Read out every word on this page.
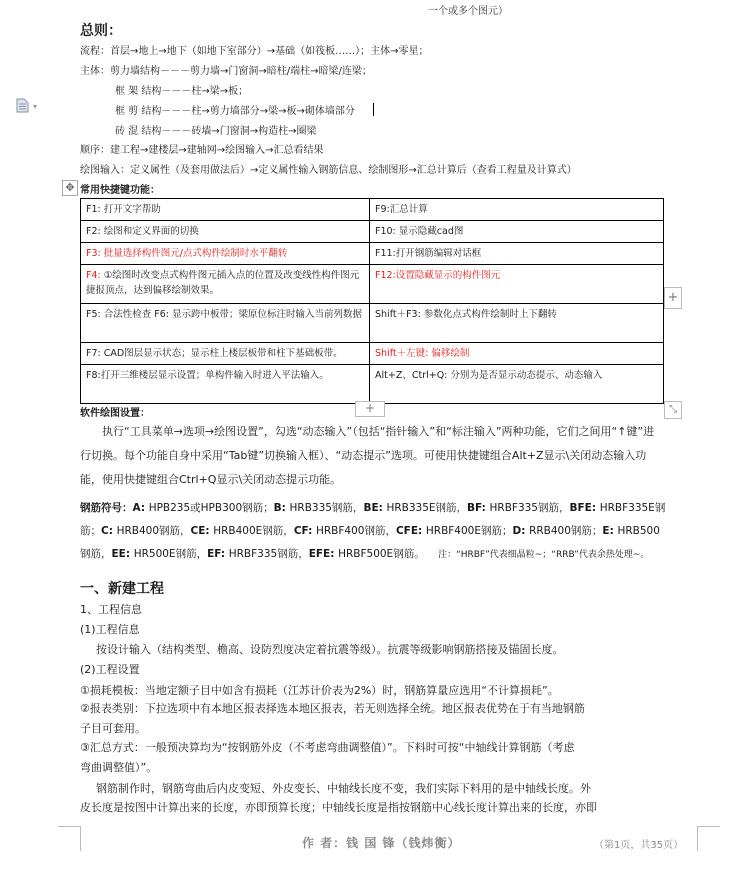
一个或多个图元）
总则：
流程：首层→地上→地下（如地下室部分）→基础（如筏板……）；主体→零星；
主体：剪力墙结构－－－剪力墙→门窗洞→暗柱/端柱→暗梁/连梁；
框 架 结构－－－柱→梁→板；
框 剪 结构－－－柱→剪力墙部分→梁→板→砌体墙部分
砖 混 结构－－－砖墙→门窗洞→构造柱→圈梁
顺序：建工程→建楼层→建轴网→绘图输入→汇总看结果
绘图输入：定义属性（及套用做法后）→定义属性输入钢筋信息、绘制图形→汇总计算后（查看工程量及计算式）
▾
✥ 常用快捷键功能：
F1: 打开文字帮助	F9:汇总计算
F2: 绘图和定义界面的切换	F10: 显示隐藏cad图
F3: 批量选择构件图元/点式构件绘制时水平翻转	F11:打开钢筋编辑对话框
F4: ①绘图时改变点式构件图元插入点的位置及改变线性构件图元捷报顶点，达到偏移绘制效果。	F12:设置隐藏显示的构件图元
F5: 合法性检查 F6: 显示跨中板带；梁原位标注时输入当前列数据	Shift＋F3: 参数化点式构件绘制时上下翻转
F7: CAD图层显示状态；显示柱上楼层板带和柱下基础板带。	Shift＋左键: 偏移绘制
F8:打开三维楼层显示设置；单构件输入时进入平法输入。	Alt+Z、Ctrl+Q: 分别为是否显示动态提示、动态输入
+
+	⤡
软件绘图设置：
执行“工具菜单→选项→绘图设置”，勾选“动态输入”（包括“指针输入”和“标注输入”两种功能，它们之间用“↑键”进行切换。每个功能自身中采用“Tab键”切换输入框）、“动态提示”选项。可使用快捷键组合Alt+Z显示\关闭动态输入功能，使用快捷键组合Ctrl+Q显示\关闭动态提示功能。
钢筋符号：A: HPB235或HPB300钢筋；B: HRB335钢筋，BE: HRB335E钢筋，BF: HRBF335钢筋，BFE: HRBF335E钢筋；C: HRB400钢筋，CE: HRB400E钢筋，CF: HRBF400钢筋，CFE: HRBF400E钢筋；D: RRB400钢筋；E: HRB500钢筋，EE: HR500E钢筋，EF: HRBF335钢筋，EFE: HRBF500E钢筋。 注：“HRBF”代表细晶粒~；“RRB”代表余热处理~。
一、新建工程
1、工程信息
(1)工程信息
按设计输入（结构类型、檐高、设防烈度决定着抗震等级）。抗震等级影响钢筋搭接及锚固长度。
(2)工程设置
①损耗模板：当地定额子目中如含有损耗（江苏计价表为2%）时，钢筋算量应选用“不计算损耗”。
②报表类别：下拉选项中有本地区报表择选本地区报表，若无则选择全统。地区报表优势在于有当地钢筋
子目可套用。
③汇总方式：一般预决算均为“按钢筋外皮（不考虑弯曲调整值）”。下料时可按“中轴线计算钢筋（考虑
弯曲调整值）”。
钢筋制作时，钢筋弯曲后内皮变短、外皮变长、中轴线长度不变，我们实际下料用的是中轴线长度。外
皮长度是按图中计算出来的长度，亦即预算长度；中轴线长度是指按钢筋中心线长度计算出来的长度，亦即
作 者：钱 国 锋（钱炜衡）	（第1页，共35页）
